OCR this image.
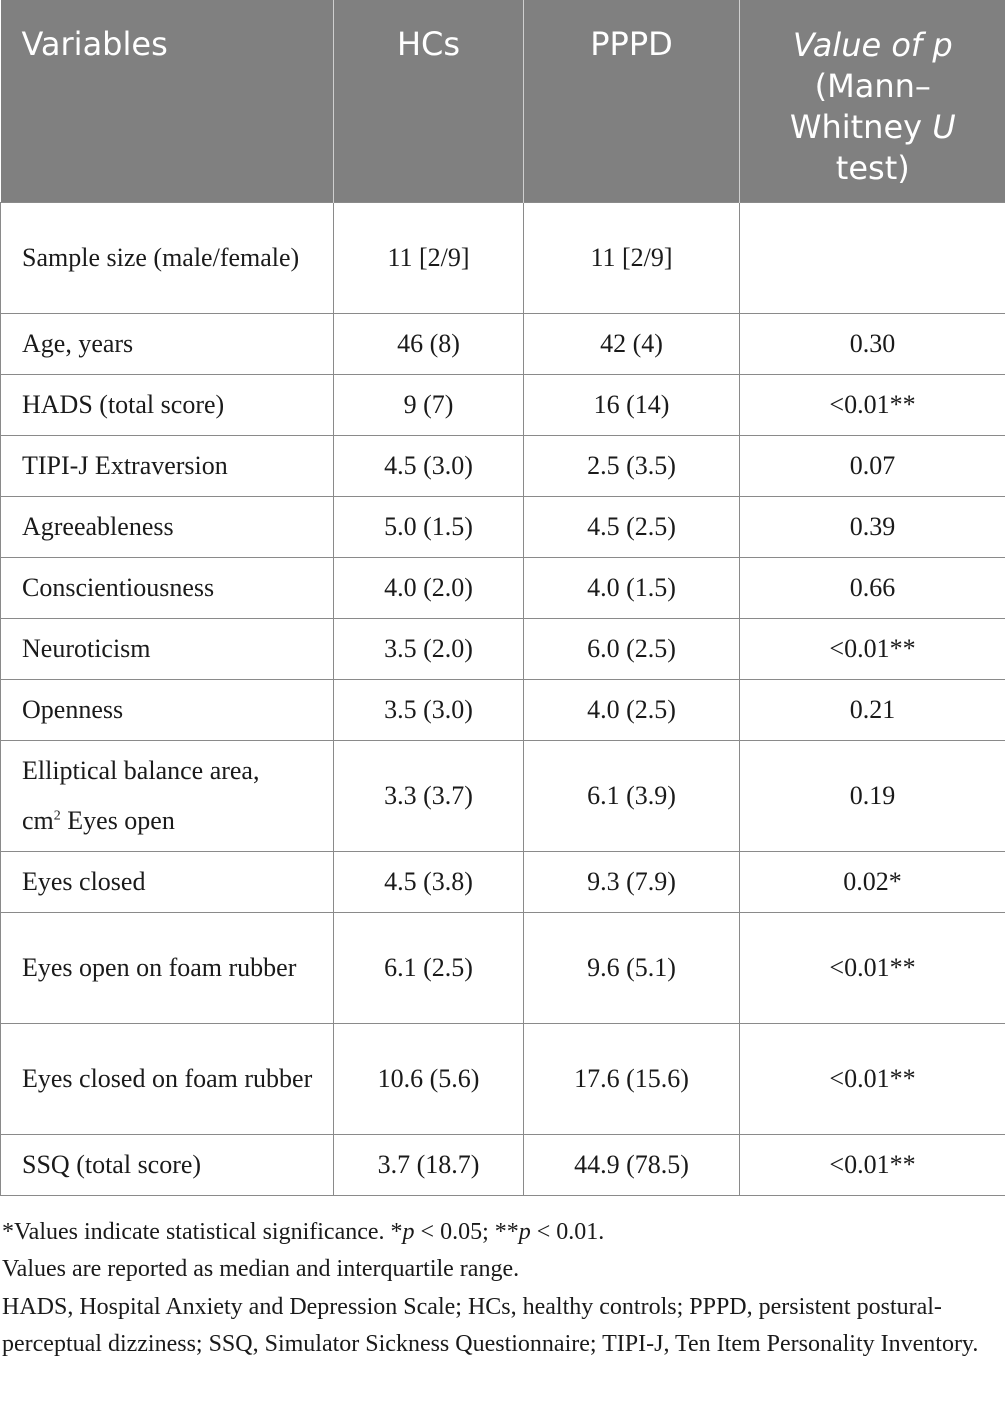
Variables	HCs	PPPD	Value of p
(Mann–
Whitney U
test)

Sample size (male/female)	11 [2/9]	11 [2/9]	
Age, years	46 (8)	42 (4)	0.30
HADS (total score)	9 (7)	16 (14)	<0.01**
TIPI-J Extraversion	4.5 (3.0)	2.5 (3.5)	0.07
Agreeableness	5.0 (1.5)	4.5 (2.5)	0.39
Conscientiousness	4.0 (2.0)	4.0 (1.5)	0.66
Neuroticism	3.5 (2.0)	6.0 (2.5)	<0.01**
Openness	3.5 (3.0)	4.0 (2.5)	0.21
Elliptical balance area,
$cm^2$ Eyes open	3.3 (3.7)	6.1 (3.9)	0.19
Eyes closed	4.5 (3.8)	9.3 (7.9)	0.02*
Eyes open on foam rubber	6.1 (2.5)	9.6 (5.1)	<0.01**
Eyes closed on foam rubber	10.6 (5.6)	17.6 (15.6)	<0.01**
SSQ (total score)	3.7 (18.7)	44.9 (78.5)	<0.01**

*Values indicate statistical significance. *p < 0.05; **p < 0.01.

Values are reported as median and interquartile range.

HADS, Hospital Anxiety and Depression Scale; HCs, healthy controls; PPPD, persistent postural-perceptual dizziness; SSQ, Simulator Sickness Questionnaire; TIPI-J, Ten Item Personality Inventory.
